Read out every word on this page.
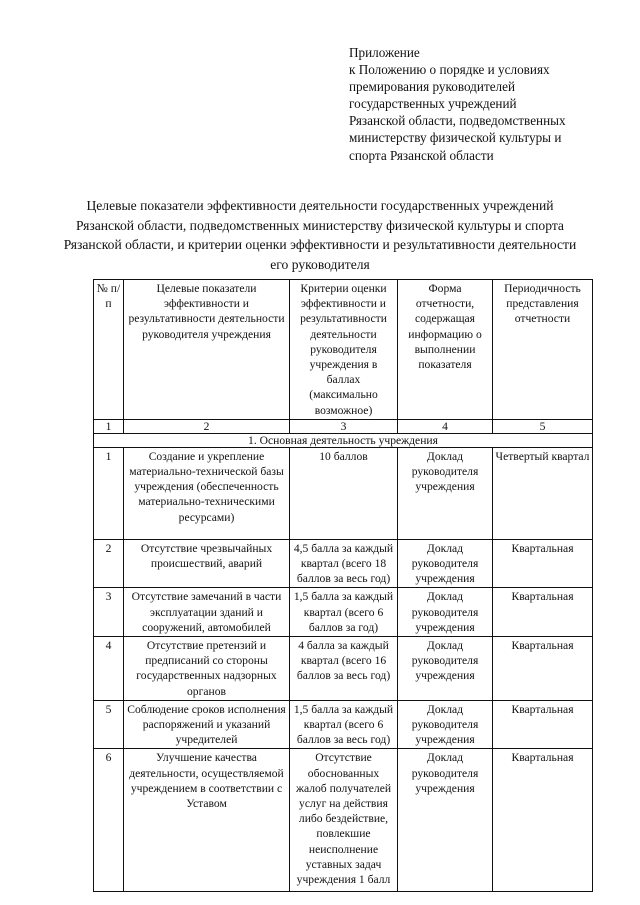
Приложение
к Положению о порядке и условиях
премирования руководителей
государственных учреждений
Рязанской области, подведомственных
министерству физической культуры и
спорта Рязанской области
Целевые показатели эффективности деятельности государственных учреждений Рязанской области, подведомственных министерству физической культуры и спорта Рязанской области, и критерии оценки эффективности и результативности деятельности его руководителя
№ п/п	Целевые показатели эффективности и результативности деятельности руководителя учреждения	Критерии оценки эффективности и результативности деятельности руководителя учреждения в баллах (максимально возможное)	Форма отчетности, содержащая информацию о выполнении показателя	Периодичность представления отчетности
1	2	3	4	5
1. Основная деятельность учреждения				
1	Создание и укрепление материально-технической базы учреждения (обеспеченность материально-техническими ресурсами)	10 баллов	Доклад руководителя учреждения	Четвертый квартал
2	Отсутствие чрезвычайных происшествий, аварий	4,5 балла за каждый квартал (всего 18 баллов за весь год)	Доклад руководителя учреждения	Квартальная
3	Отсутствие замечаний в части эксплуатации зданий и сооружений, автомобилей	1,5 балла за каждый квартал (всего 6 баллов за год)	Доклад руководителя учреждения	Квартальная
4	Отсутствие претензий и предписаний со стороны государственных надзорных органов	4 балла за каждый квартал (всего 16 баллов за весь год)	Доклад руководителя учреждения	Квартальная
5	Соблюдение сроков исполнения распоряжений и указаний учредителей	1,5 балла за каждый квартал (всего 6 баллов за весь год)	Доклад руководителя учреждения	Квартальная
6	Улучшение качества деятельности, осуществляемой учреждением в соответствии с Уставом	Отсутствие обоснованных жалоб получателей услуг на действия либо бездействие, повлекшие неисполнение уставных задач учреждения 1 балл	Доклад руководителя учреждения	Квартальная
